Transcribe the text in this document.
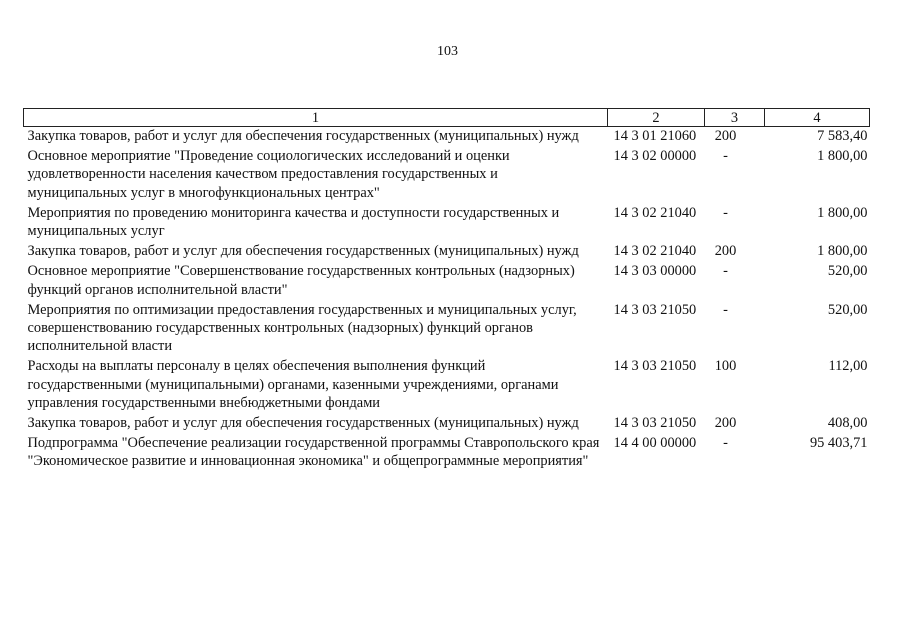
103
1	2	3	4
Закупка товаров, работ и услуг для обеспечения государственных (муниципальных) нужд	14 3 01 21060	200	7 583,40
Основное мероприятие "Проведение социологических исследований и оценки удовлетворенности населения качеством предоставления государственных и муниципальных услуг в многофункциональных центрах"	14 3 02 00000	-	1 800,00
Мероприятия по проведению мониторинга качества и доступности государственных и муниципальных услуг	14 3 02 21040	-	1 800,00
Закупка товаров, работ и услуг для обеспечения государственных (муниципальных) нужд	14 3 02 21040	200	1 800,00
Основное мероприятие "Совершенствование государственных контрольных (надзорных) функций органов исполнительной власти"	14 3 03 00000	-	520,00
Мероприятия по оптимизации предоставления государственных и муниципальных услуг, совершенствованию государственных контрольных (надзорных) функций органов исполнительной власти	14 3 03 21050	-	520,00
Расходы на выплаты персоналу в целях обеспечения выполнения функций государственными (муниципальными) органами, казенными учреждениями, органами управления государственными внебюджетными фондами	14 3 03 21050	100	112,00
Закупка товаров, работ и услуг для обеспечения государственных (муниципальных) нужд	14 3 03 21050	200	408,00
Подпрограмма "Обеспечение реализации государственной программы Ставропольского края "Экономическое развитие и инновационная экономика" и общепрограммные мероприятия"	14 4 00 00000	-	95 403,71
